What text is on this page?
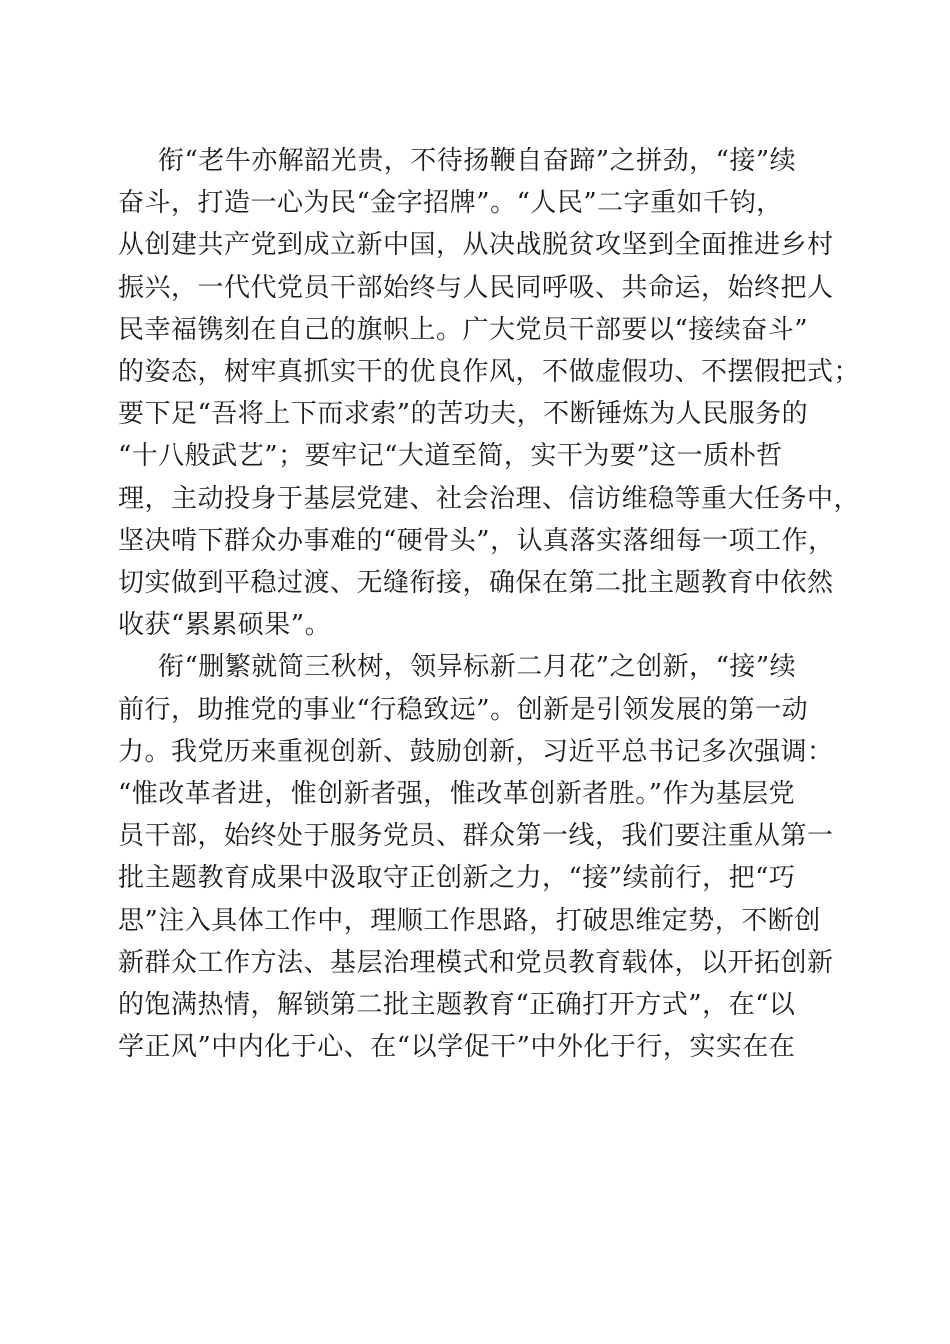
衔“老牛亦解韶光贵，不待扬鞭自奋蹄”之拼劲，“接”续
奋斗，打造一心为民“金字招牌”。“人民”二字重如千钧，
从创建共产党到成立新中国，从决战脱贫攻坚到全面推进乡村
振兴，一代代党员干部始终与人民同呼吸、共命运，始终把人
民幸福镌刻在自己的旗帜上。广大党员干部要以“接续奋斗”
的姿态，树牢真抓实干的优良作风，不做虚假功、不摆假把式；
要下足“吾将上下而求索”的苦功夫，不断锤炼为人民服务的
“十八般武艺”；要牢记“大道至简，实干为要”这一质朴哲
理，主动投身于基层党建、社会治理、信访维稳等重大任务中，
坚决啃下群众办事难的“硬骨头”，认真落实落细每一项工作，
切实做到平稳过渡、无缝衔接，确保在第二批主题教育中依然
收获“累累硕果”。

衔“删繁就简三秋树，领异标新二月花”之创新，“接”续
前行，助推党的事业“行稳致远”。创新是引领发展的第一动
力。我党历来重视创新、鼓励创新，习近平总书记多次强调：
“惟改革者进，惟创新者强，惟改革创新者胜。”作为基层党
员干部，始终处于服务党员、群众第一线，我们要注重从第一
批主题教育成果中汲取守正创新之力，“接”续前行，把“巧
思”注入具体工作中，理顺工作思路，打破思维定势，不断创
新群众工作方法、基层治理模式和党员教育载体，以开拓创新
的饱满热情，解锁第二批主题教育“正确打开方式”，在“以
学正风”中内化于心、在“以学促干”中外化于行，实实在在
